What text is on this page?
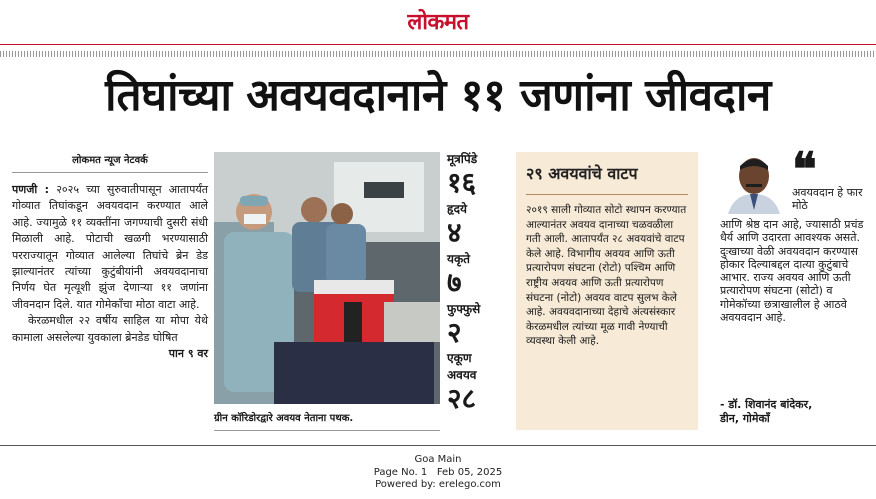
लोकमत
तिघांच्या अवयवदानाने ११ जणांना जीवदान
लोकमत न्यूज नेटवर्क

पणजी : २०२५ च्या सुरुवातीपासून आतापर्यंत गोव्यात तिघांकडून अवयवदान करण्यात आले आहे. ज्यामुळे ११ व्यक्तींना जगण्याची दुसरी संधी मिळाली आहे. पोटाची खळगी भरण्यासाठी परराज्यातून गोव्यात आलेल्या तिघांचे ब्रेन डेड झाल्यानंतर त्यांच्या कुटुंबीयांनी अवयवदानाचा निर्णय घेत मृत्यूशी झुंज देणाऱ्या ११ जणांना जीवनदान दिले. यात गोमेकॉंचा मोठा वाटा आहे.

केरळमधील २२ वर्षीय साहिल या मोपा येथे कामाला असलेल्या युवकाला ब्रेनडेड घोषित

पान ९ वर
ग्रीन कॉरिडोरद्वारे अवयव नेताना पथक.
मूत्रपिंडे
१६
हृदये
४
यकृते
७
फुफ्फुसे
२
एकूण
अवयव
२८
२९ अवयवांचे वाटप
२०१९ साली गोव्यात सोटो स्थापन करण्यात आल्यानंतर अवयव दानाच्या चळवळीला गती आली. आतापर्यंत २८ अवयवांचे वाटप केले आहे. विभागीय अवयव आणि ऊती प्रत्यारोपण संघटना (रोटो) पश्चिम आणि राष्ट्रीय अवयव आणि ऊती प्रत्यारोपण संघटना (नोटो) अवयव वाटप सुलभ केले आहे. अवयवदानाच्या देहाचे अंत्यसंस्कार केरळमधील त्यांच्या मूळ गावी नेण्याची व्यवस्था केली आहे.
❝
अवयवदान हे फार मोठे
आणि श्रेष्ठ दान आहे, ज्यासाठी प्रचंड धैर्य आणि उदारता आवश्यक असते. दुःखाच्या वेळी अवयवदान करण्यास होकार दिल्याबद्दल दात्या कुटुंबाचे आभार. राज्य अवयव आणि ऊती प्रत्यारोपण संघटना (सोटो) व गोमेकॉच्या छत्राखालील हे आठवे अवयवदान आहे.
- डॉ. शिवानंद बांदेकर,
डीन, गोमेकॉं
Goa Main
Page No. 1 Feb 05, 2025
Powered by: erelego.com
